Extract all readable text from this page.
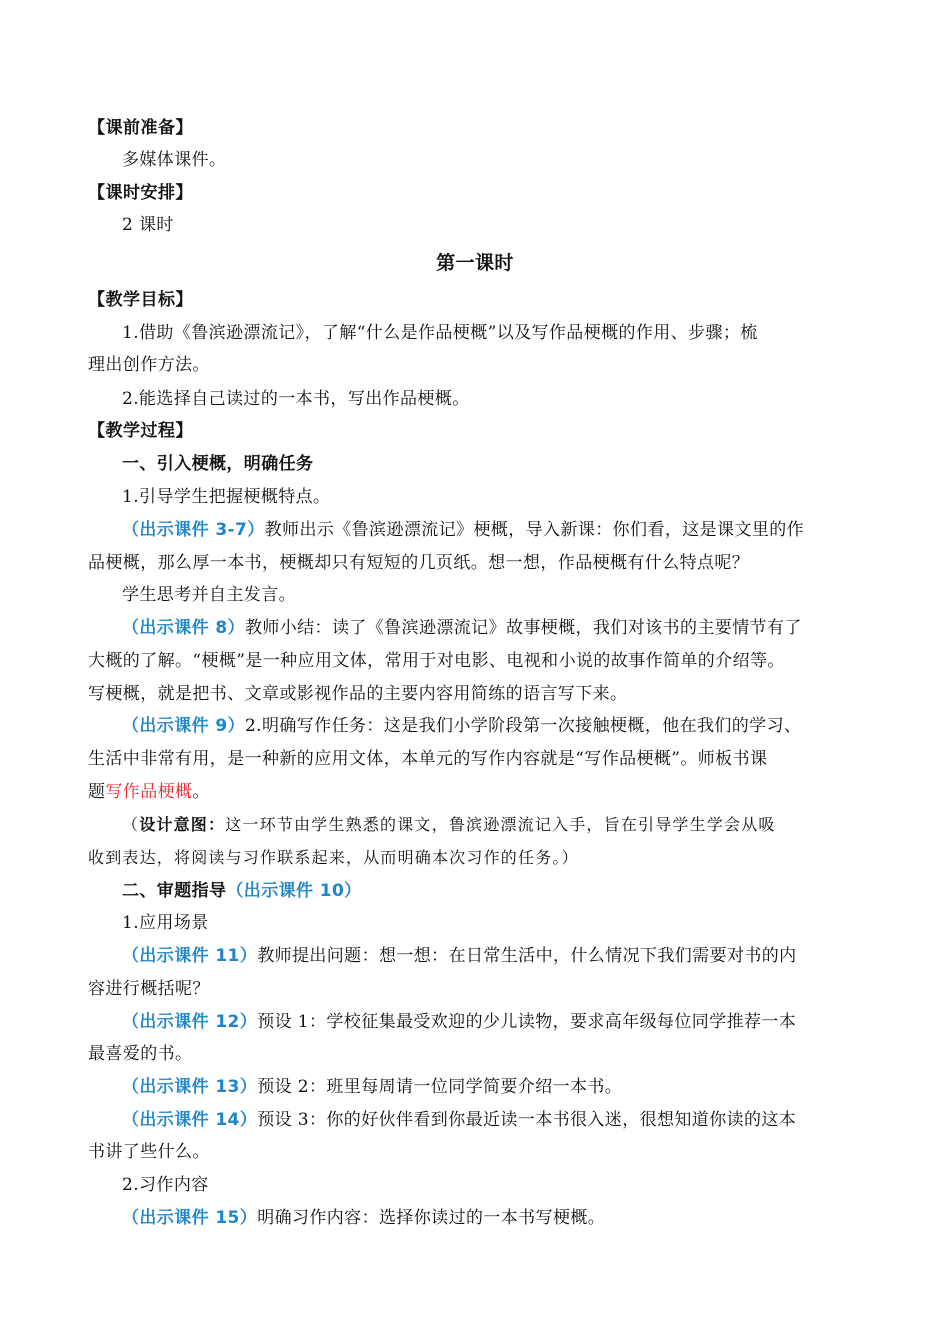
【课前准备】
多媒体课件。
【课时安排】
2 课时
第一课时
【教学目标】
1.借助《鲁滨逊漂流记》，了解“什么是作品梗概”以及写作品梗概的作用、步骤；梳
理出创作方法。
2.能选择自己读过的一本书，写出作品梗概。
【教学过程】
一、引入梗概，明确任务
1.引导学生把握梗概特点。
（出示课件 3-7）教师出示《鲁滨逊漂流记》梗概，导入新课：你们看，这是课文里的作
品梗概，那么厚一本书，梗概却只有短短的几页纸。想一想，作品梗概有什么特点呢？
学生思考并自主发言。
（出示课件 8）教师小结：读了《鲁滨逊漂流记》故事梗概，我们对该书的主要情节有了
大概的了解。“梗概”是一种应用文体，常用于对电影、电视和小说的故事作简单的介绍等。
写梗概，就是把书、文章或影视作品的主要内容用简练的语言写下来。
（出示课件 9）2.明确写作任务：这是我们小学阶段第一次接触梗概，他在我们的学习、
生活中非常有用，是一种新的应用文体，本单元的写作内容就是“写作品梗概”。师板书课
题写作品梗概。
（设计意图：这一环节由学生熟悉的课文，鲁滨逊漂流记入手，旨在引导学生学会从吸
收到表达，将阅读与习作联系起来，从而明确本次习作的任务。）
二、审题指导（出示课件 10）
1.应用场景
（出示课件 11）教师提出问题：想一想：在日常生活中，什么情况下我们需要对书的内
容进行概括呢？
（出示课件 12）预设 1：学校征集最受欢迎的少儿读物，要求高年级每位同学推荐一本
最喜爱的书。
（出示课件 13）预设 2：班里每周请一位同学简要介绍一本书。
（出示课件 14）预设 3：你的好伙伴看到你最近读一本书很入迷，很想知道你读的这本
书讲了些什么。
2.习作内容
（出示课件 15）明确习作内容：选择你读过的一本书写梗概。
